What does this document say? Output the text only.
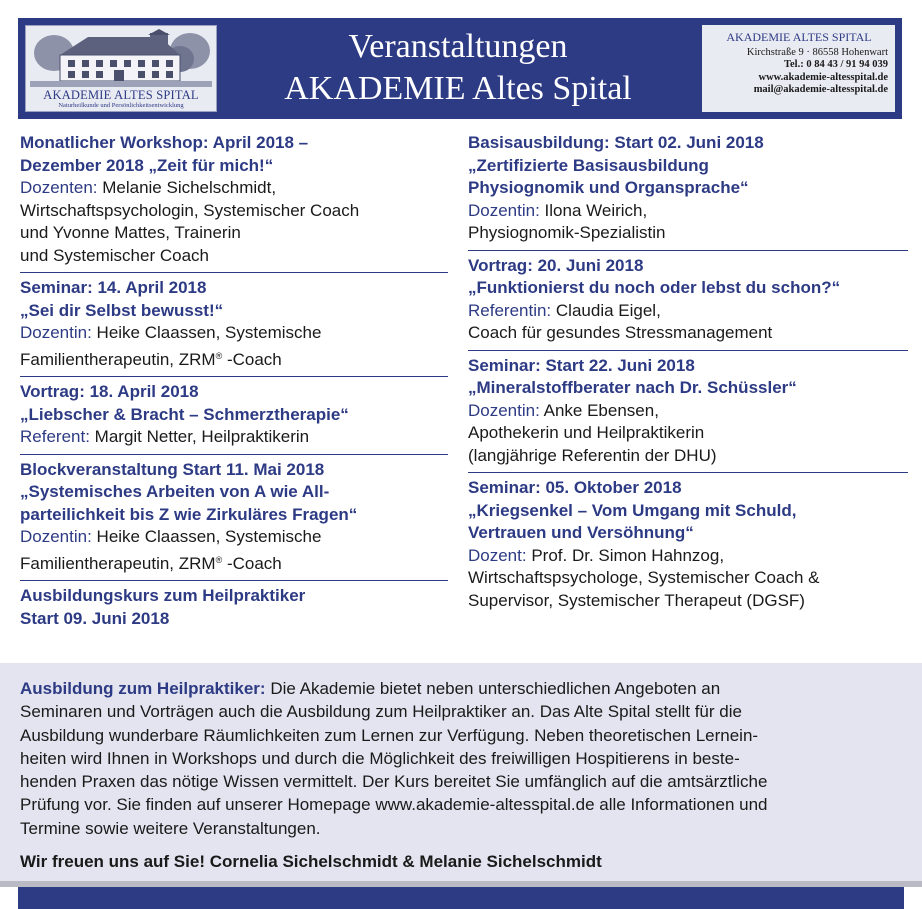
AKADEMIE ALTES SPITAL
Naturheilkunde und Persönlichkeitsentwicklung
Veranstaltungen
AKADEMIE Altes Spital
AKADEMIE ALTES SPITAL
Kirchstraße 9 · 86558 Hohenwart
Tel.: 0 84 43 / 91 94 039
www.akademie-altesspital.de
mail@akademie-altesspital.de
Monatlicher Workshop: April 2018 –
Dezember 2018 „Zeit für mich!“
Dozenten: Melanie Sichelschmidt,
Wirtschaftspsychologin, Systemischer Coach
und Yvonne Mattes, Trainerin
und Systemischer Coach
Seminar: 14. April 2018
„Sei dir Selbst bewusst!“
Dozentin: Heike Claassen, Systemische
Familientherapeutin, ZRM® -Coach
Vortrag: 18. April 2018
„Liebscher & Bracht – Schmerztherapie“
Referent: Margit Netter, Heilpraktikerin
Blockveranstaltung Start 11. Mai 2018
„Systemisches Arbeiten von A wie All-
parteilichkeit bis Z wie Zirkuläres Fragen“
Dozentin: Heike Claassen, Systemische
Familientherapeutin, ZRM® -Coach
Ausbildungskurs zum Heilpraktiker
Start 09. Juni 2018
Basisausbildung: Start 02. Juni 2018
„Zertifizierte Basisausbildung
Physiognomik und Organsprache“
Dozentin: Ilona Weirich,
Physiognomik-Spezialistin
Vortrag: 20. Juni 2018
„Funktionierst du noch oder lebst du schon?“
Referentin: Claudia Eigel,
Coach für gesundes Stressmanagement
Seminar: Start 22. Juni 2018
„Mineralstoffberater nach Dr. Schüssler“
Dozentin: Anke Ebensen,
Apothekerin und Heilpraktikerin
(langjährige Referentin der DHU)
Seminar: 05. Oktober 2018
„Kriegsenkel – Vom Umgang mit Schuld,
Vertrauen und Versöhnung“
Dozent: Prof. Dr. Simon Hahnzog,
Wirtschaftspsychologe, Systemischer Coach &
Supervisor, Systemischer Therapeut (DGSF)

Ausbildung zum Heilpraktiker: Die Akademie bietet neben unterschiedlichen Angeboten an

Seminaren und Vorträgen auch die Ausbildung zum Heilpraktiker an. Das Alte Spital stellt für die

Ausbildung wunderbare Räumlichkeiten zum Lernen zur Verfügung. Neben theoretischen Lernein-

heiten wird Ihnen in Workshops und durch die Möglichkeit des freiwilligen Hospitierens in beste-

henden Praxen das nötige Wissen vermittelt. Der Kurs bereitet Sie umfänglich auf die amtsärztliche

Prüfung vor. Sie finden auf unserer Homepage www.akademie-altesspital.de alle Informationen und

Termine sowie weitere Veranstaltungen.

Wir freuen uns auf Sie! Cornelia Sichelschmidt & Melanie Sichelschmidt
